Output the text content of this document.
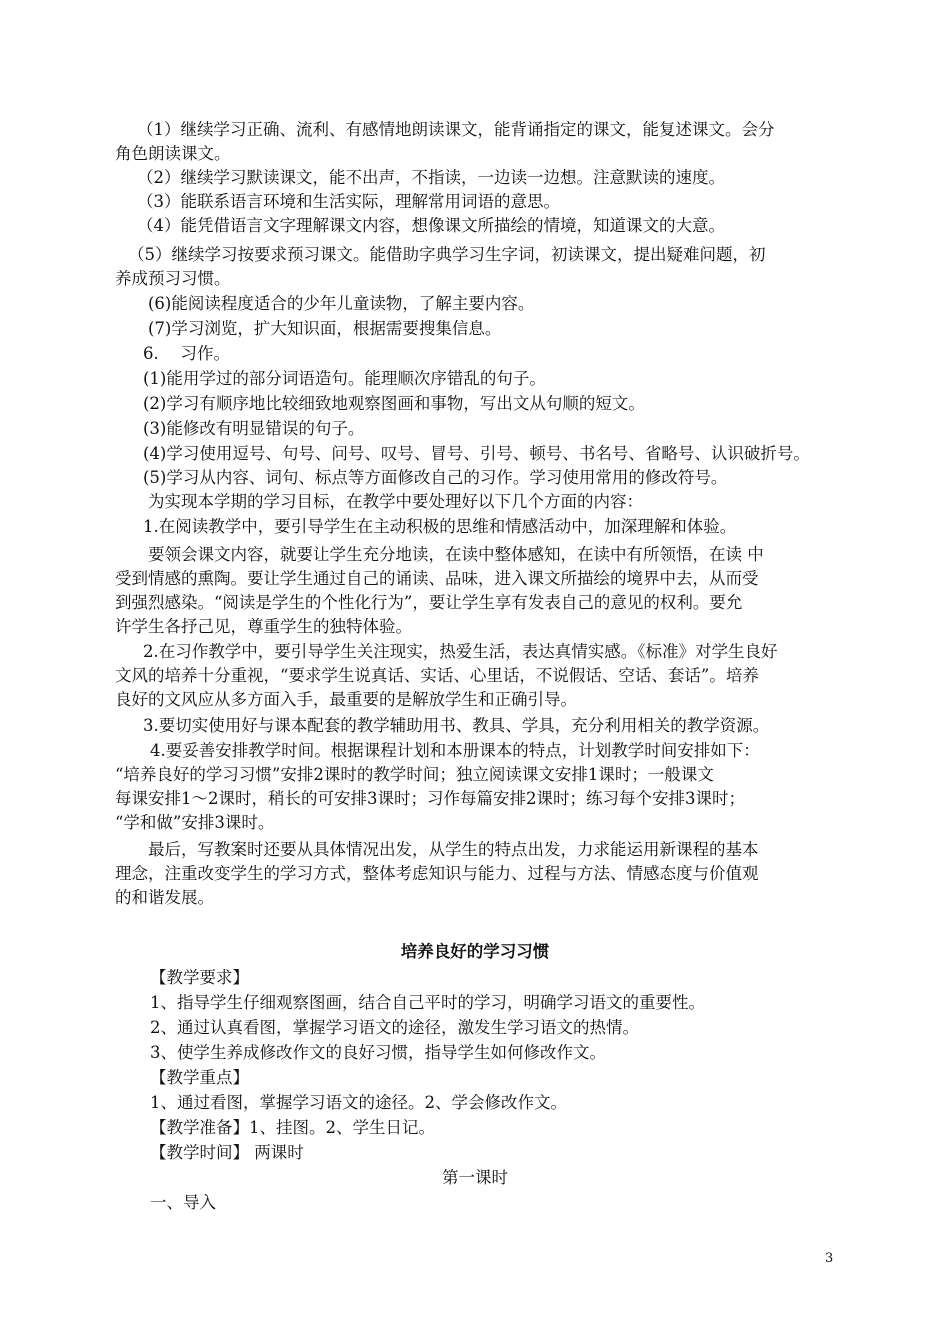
（1）继续学习正确、流利、有感情地朗读课文，能背诵指定的课文，能复述课文。会分
角色朗读课文。
（2）继续学习默读课文，能不出声，不指读，一边读一边想。注意默读的速度。
（3）能联系语言环境和生活实际，理解常用词语的意思。
（4）能凭借语言文字理解课文内容，想像课文所描绘的情境，知道课文的大意。
（5）继续学习按要求预习课文。能借助字典学习生字词，初读课文，提出疑难问题，初
养成预习习惯。
(6)能阅读程度适合的少年儿童读物，了解主要内容。
(7)学习浏览，扩大知识面，根据需要搜集信息。
6.　 习作。
(1)能用学过的部分词语造句。能理顺次序错乱的句子。
(2)学习有顺序地比较细致地观察图画和事物，写出文从句顺的短文。
(3)能修改有明显错误的句子。
(4)学习使用逗号、句号、问号、叹号、冒号、引号、顿号、书名号、省略号、认识破折号。
(5)学习从内容、词句、标点等方面修改自己的习作。学习使用常用的修改符号。
为实现本学期的学习目标，在教学中要处理好以下几个方面的内容：
1.在阅读教学中，要引导学生在主动积极的思维和情感活动中，加深理解和体验。
要领会课文内容，就要让学生充分地读，在读中整体感知，在读中有所领悟，在读 中
受到情感的熏陶。要让学生通过自己的诵读、品味，进入课文所描绘的境界中去，从而受
到强烈感染。“阅读是学生的个性化行为”，要让学生享有发表自己的意见的权利。要允
许学生各抒己见，尊重学生的独特体验。
2.在习作教学中，要引导学生关注现实，热爱生活，表达真情实感。《标准》对学生良好
文风的培养十分重视，“要求学生说真话、实话、心里话，不说假话、空话、套话”。培养
良好的文风应从多方面入手，最重要的是解放学生和正确引导。
3.要切实使用好与课本配套的教学辅助用书、教具、学具，充分利用相关的教学资源。
4.要妥善安排教学时间。根据课程计划和本册课本的特点，计划教学时间安排如下：
“培养良好的学习习惯”安排2课时的教学时间；独立阅读课文安排1课时；一般课文
每课安排1～2课时，稍长的可安排3课时；习作每篇安排2课时；练习每个安排3课时；
“学和做”安排3课时。
最后，写教案时还要从具体情况出发，从学生的特点出发，力求能运用新课程的基本
理念，注重改变学生的学习方式，整体考虑知识与能力、过程与方法、情感态度与价值观
的和谐发展。
培养良好的学习习惯
【教学要求】
1、指导学生仔细观察图画，结合自己平时的学习，明确学习语文的重要性。
2、通过认真看图，掌握学习语文的途径，激发生学习语文的热情。
3、使学生养成修改作文的良好习惯，指导学生如何修改作文。
【教学重点】
1、通过看图，掌握学习语文的途径。2、学会修改作文。
【教学准备】1、挂图。2、学生日记。
【教学时间】 两课时
第一课时
一、导入
3
